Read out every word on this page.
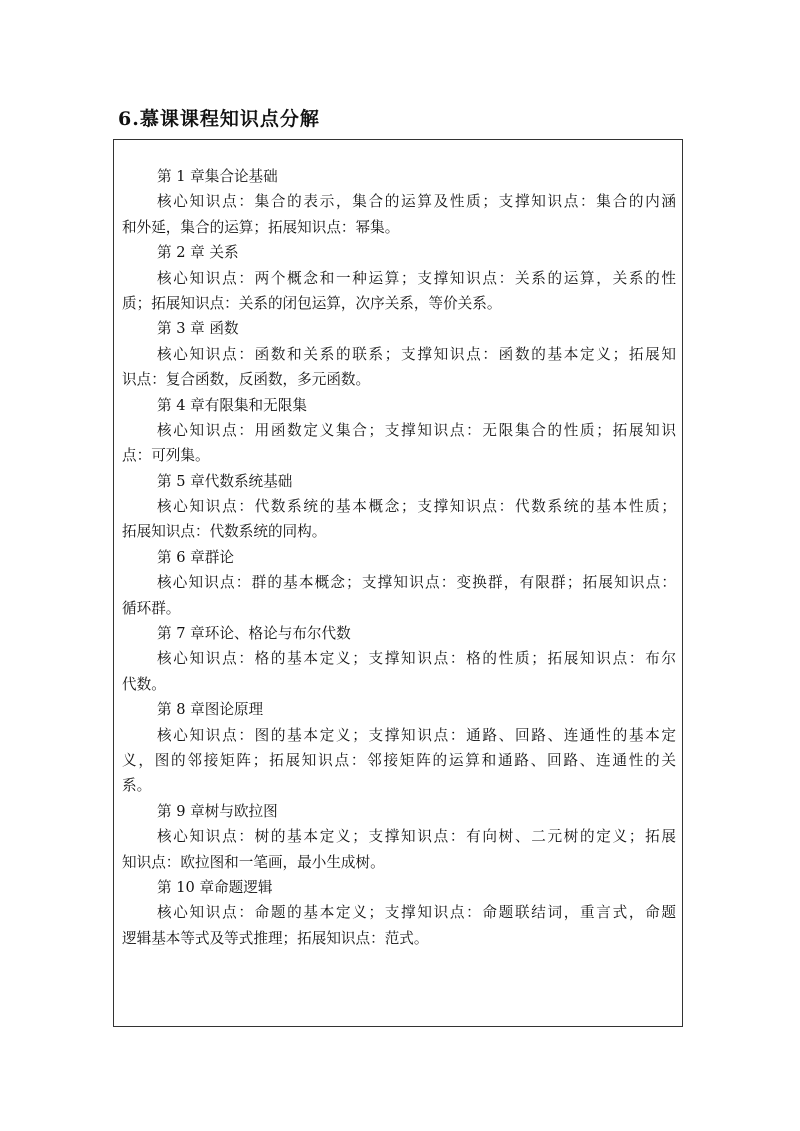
6.慕课课程知识点分解

第 1 章集合论基础

核心知识点：集合的表示，集合的运算及性质；支撑知识点：集合的内涵

和外延，集合的运算；拓展知识点：幂集。

第 2 章 关系

核心知识点：两个概念和一种运算；支撑知识点：关系的运算，关系的性

质；拓展知识点：关系的闭包运算，次序关系，等价关系。

第 3 章 函数

核心知识点：函数和关系的联系；支撑知识点：函数的基本定义；拓展知

识点：复合函数，反函数，多元函数。

第 4 章有限集和无限集

核心知识点：用函数定义集合；支撑知识点：无限集合的性质；拓展知识

点：可列集。

第 5 章代数系统基础

核心知识点：代数系统的基本概念；支撑知识点：代数系统的基本性质；

拓展知识点：代数系统的同构。

第 6 章群论

核心知识点：群的基本概念；支撑知识点：变换群，有限群；拓展知识点：

循环群。

第 7 章环论、格论与布尔代数

核心知识点：格的基本定义；支撑知识点：格的性质；拓展知识点：布尔

代数。

第 8 章图论原理

核心知识点：图的基本定义；支撑知识点：通路、回路、连通性的基本定

义，图的邻接矩阵；拓展知识点：邻接矩阵的运算和通路、回路、连通性的关

系。

第 9 章树与欧拉图

核心知识点：树的基本定义；支撑知识点：有向树、二元树的定义；拓展

知识点：欧拉图和一笔画，最小生成树。

第 10 章命题逻辑

核心知识点：命题的基本定义；支撑知识点：命题联结词，重言式，命题

逻辑基本等式及等式推理；拓展知识点：范式。
